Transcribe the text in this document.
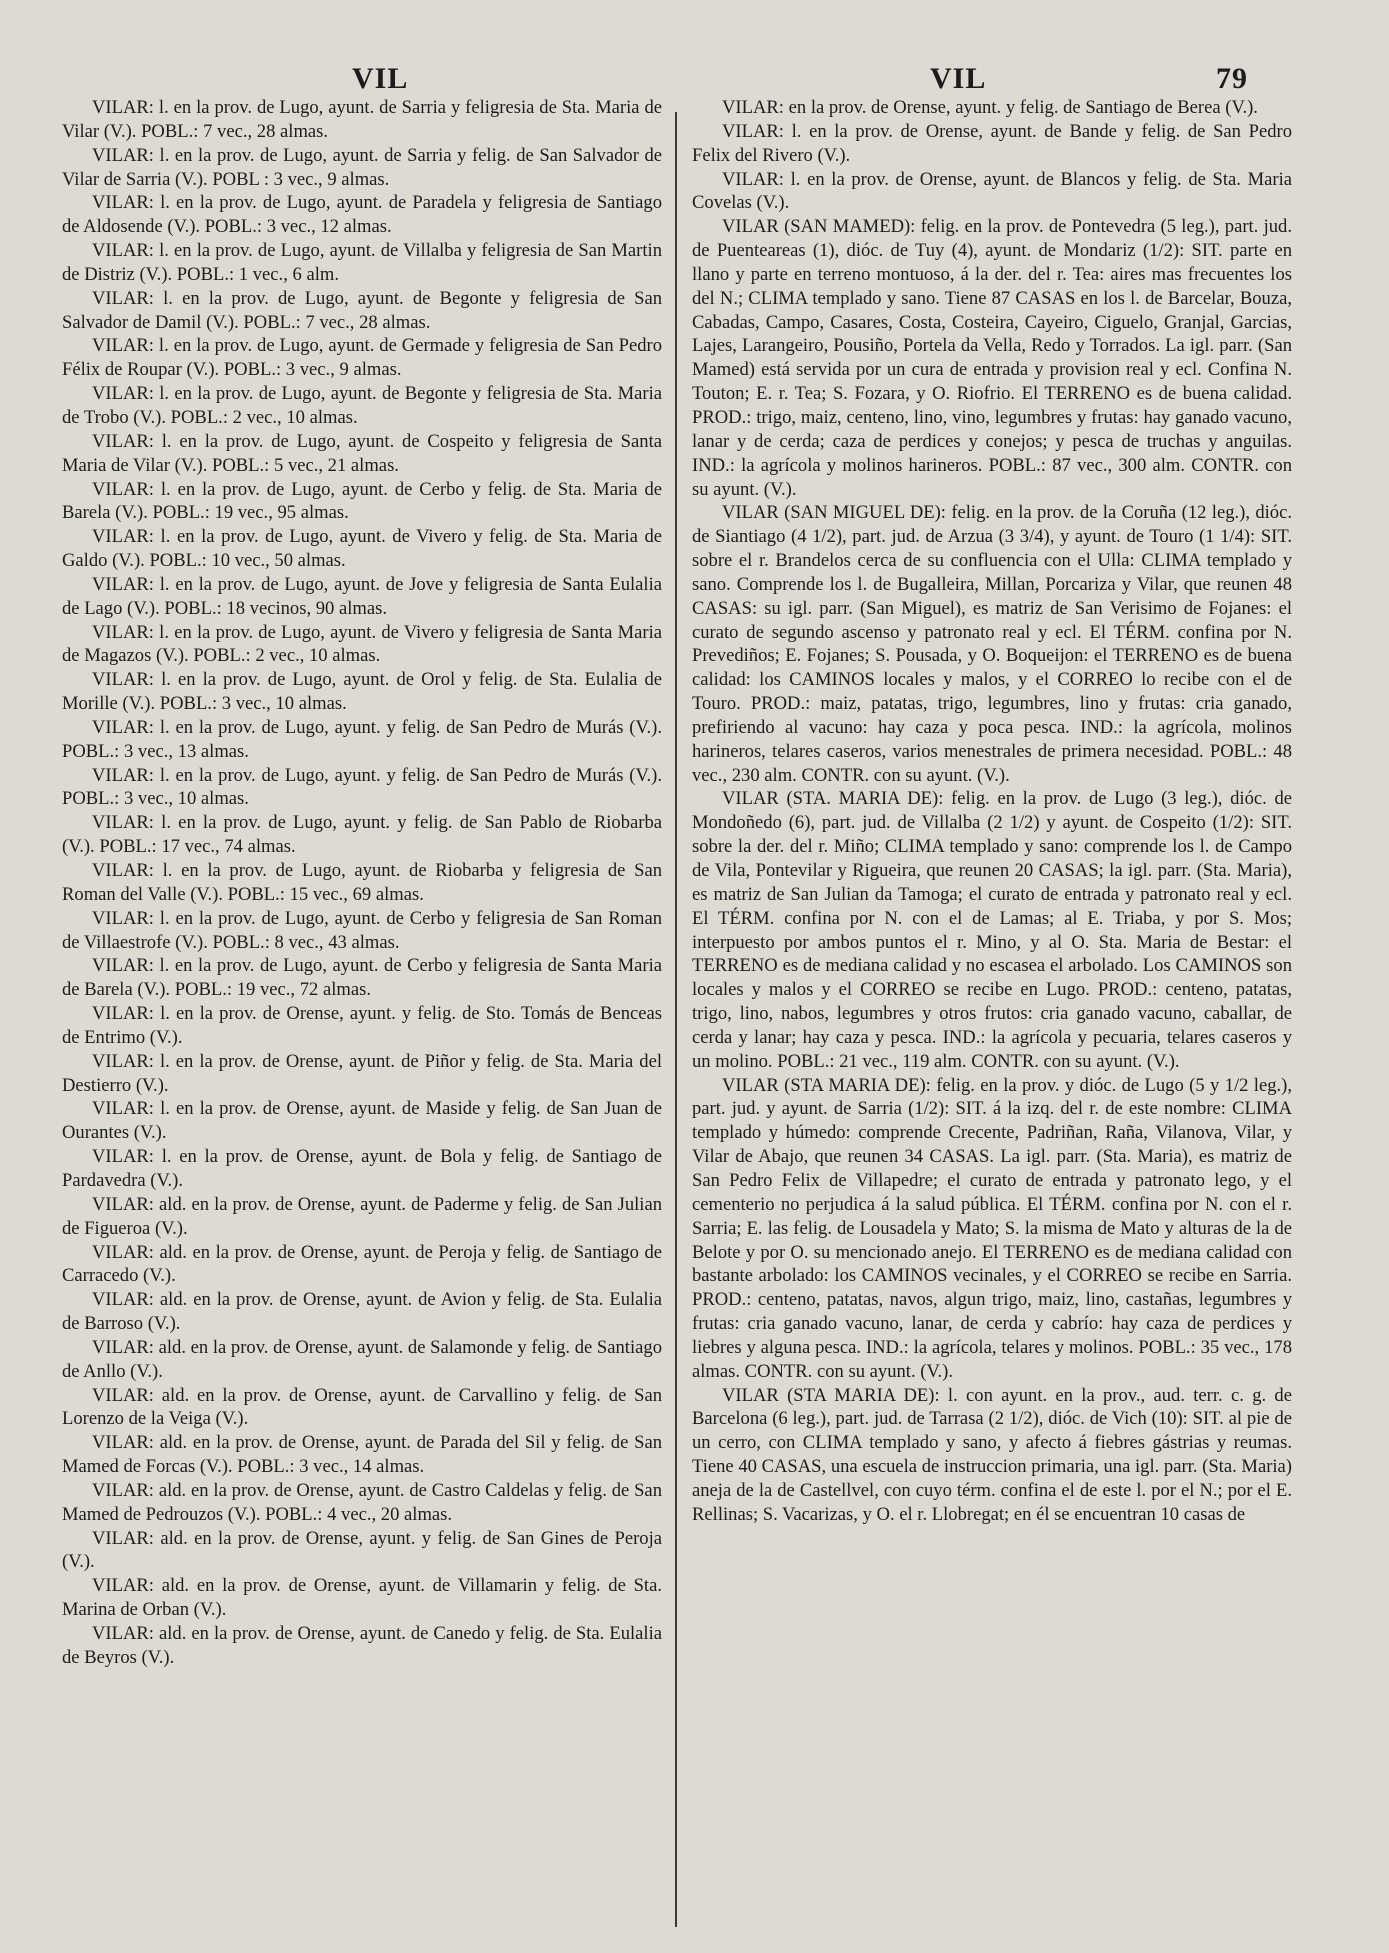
VIL	VIL	79

VILAR: l. en la prov. de Lugo, ayunt. de Sarria y feligresia de Sta. Maria de Vilar (V.). POBL.: 7 vec., 28 almas.

VILAR: l. en la prov. de Lugo, ayunt. de Sarria y felig. de San Salvador de Vilar de Sarria (V.). POBL : 3 vec., 9 almas.

VILAR: l. en la prov. de Lugo, ayunt. de Paradela y feligresia de Santiago de Aldosende (V.). POBL.: 3 vec., 12 almas.

VILAR: l. en la prov. de Lugo, ayunt. de Villalba y feligresia de San Martin de Distriz (V.). POBL.: 1 vec., 6 alm.

VILAR: l. en la prov. de Lugo, ayunt. de Begonte y feligresia de San Salvador de Damil (V.). POBL.: 7 vec., 28 almas.

VILAR: l. en la prov. de Lugo, ayunt. de Germade y feligresia de San Pedro Félix de Roupar (V.). POBL.: 3 vec., 9 almas.

VILAR: l. en la prov. de Lugo, ayunt. de Begonte y feligresia de Sta. Maria de Trobo (V.). POBL.: 2 vec., 10 almas.

VILAR: l. en la prov. de Lugo, ayunt. de Cospeito y feligresia de Santa Maria de Vilar (V.). POBL.: 5 vec., 21 almas.

VILAR: l. en la prov. de Lugo, ayunt. de Cerbo y felig. de Sta. Maria de Barela (V.). POBL.: 19 vec., 95 almas.

VILAR: l. en la prov. de Lugo, ayunt. de Vivero y felig. de Sta. Maria de Galdo (V.). POBL.: 10 vec., 50 almas.

VILAR: l. en la prov. de Lugo, ayunt. de Jove y feligresia de Santa Eulalia de Lago (V.). POBL.: 18 vecinos, 90 almas.

VILAR: l. en la prov. de Lugo, ayunt. de Vivero y feligresia de Santa Maria de Magazos (V.). POBL.: 2 vec., 10 almas.

VILAR: l. en la prov. de Lugo, ayunt. de Orol y felig. de Sta. Eulalia de Morille (V.). POBL.: 3 vec., 10 almas.

VILAR: l. en la prov. de Lugo, ayunt. y felig. de San Pedro de Murás (V.). POBL.: 3 vec., 13 almas.

VILAR: l. en la prov. de Lugo, ayunt. y felig. de San Pedro de Murás (V.). POBL.: 3 vec., 10 almas.

VILAR: l. en la prov. de Lugo, ayunt. y felig. de San Pablo de Riobarba (V.). POBL.: 17 vec., 74 almas.

VILAR: l. en la prov. de Lugo, ayunt. de Riobarba y feligresia de San Roman del Valle (V.). POBL.: 15 vec., 69 almas.

VILAR: l. en la prov. de Lugo, ayunt. de Cerbo y feligresia de San Roman de Villaestrofe (V.). POBL.: 8 vec., 43 almas.

VILAR: l. en la prov. de Lugo, ayunt. de Cerbo y feligresia de Santa Maria de Barela (V.). POBL.: 19 vec., 72 almas.

VILAR: l. en la prov. de Orense, ayunt. y felig. de Sto. Tomás de Benceas de Entrimo (V.).

VILAR: l. en la prov. de Orense, ayunt. de Piñor y felig. de Sta. Maria del Destierro (V.).

VILAR: l. en la prov. de Orense, ayunt. de Maside y felig. de San Juan de Ourantes (V.).

VILAR: l. en la prov. de Orense, ayunt. de Bola y felig. de Santiago de Pardavedra (V.).

VILAR: ald. en la prov. de Orense, ayunt. de Paderme y felig. de San Julian de Figueroa (V.).

VILAR: ald. en la prov. de Orense, ayunt. de Peroja y felig. de Santiago de Carracedo (V.).

VILAR: ald. en la prov. de Orense, ayunt. de Avion y felig. de Sta. Eulalia de Barroso (V.).

VILAR: ald. en la prov. de Orense, ayunt. de Salamonde y felig. de Santiago de Anllo (V.).

VILAR: ald. en la prov. de Orense, ayunt. de Carvallino y felig. de San Lorenzo de la Veiga (V.).

VILAR: ald. en la prov. de Orense, ayunt. de Parada del Sil y felig. de San Mamed de Forcas (V.). POBL.: 3 vec., 14 almas.

VILAR: ald. en la prov. de Orense, ayunt. de Castro Caldelas y felig. de San Mamed de Pedrouzos (V.). POBL.: 4 vec., 20 almas.

VILAR: ald. en la prov. de Orense, ayunt. y felig. de San Gines de Peroja (V.).

VILAR: ald. en la prov. de Orense, ayunt. de Villamarin y felig. de Sta. Marina de Orban (V.).

VILAR: ald. en la prov. de Orense, ayunt. de Canedo y felig. de Sta. Eulalia de Beyros (V.).

VILAR: en la prov. de Orense, ayunt. y felig. de Santiago de Berea (V.).

VILAR: l. en la prov. de Orense, ayunt. de Bande y felig. de San Pedro Felix del Rivero (V.).

VILAR: l. en la prov. de Orense, ayunt. de Blancos y felig. de Sta. Maria Covelas (V.).

VILAR (SAN MAMED): felig. en la prov. de Pontevedra (5 leg.), part. jud. de Puenteareas (1), dióc. de Tuy (4), ayunt. de Mondariz (1/2): SIT. parte en llano y parte en terreno montuoso, á la der. del r. Tea: aires mas frecuentes los del N.; CLIMA templado y sano. Tiene 87 CASAS en los l. de Barcelar, Bouza, Cabadas, Campo, Casares, Costa, Costeira, Cayeiro, Ciguelo, Granjal, Garcias, Lajes, Larangeiro, Pousiño, Portela da Vella, Redo y Torrados. La igl. parr. (San Mamed) está servida por un cura de entrada y provision real y ecl. Confina N. Touton; E. r. Tea; S. Fozara, y O. Riofrio. El TERRENO es de buena calidad. PROD.: trigo, maiz, centeno, lino, vino, legumbres y frutas: hay ganado vacuno, lanar y de cerda; caza de perdices y conejos; y pesca de truchas y anguilas. IND.: la agrícola y molinos harineros. POBL.: 87 vec., 300 alm. CONTR. con su ayunt. (V.).

VILAR (SAN MIGUEL DE): felig. en la prov. de la Coruña (12 leg.), dióc. de Siantiago (4 1/2), part. jud. de Arzua (3 3/4), y ayunt. de Touro (1 1/4): SIT. sobre el r. Brandelos cerca de su confluencia con el Ulla: CLIMA templado y sano. Comprende los l. de Bugalleira, Millan, Porcariza y Vilar, que reunen 48 CASAS: su igl. parr. (San Miguel), es matriz de San Verisimo de Fojanes: el curato de segundo ascenso y patronato real y ecl. El TÉRM. confina por N. Prevediños; E. Fojanes; S. Pousada, y O. Boqueijon: el TERRENO es de buena calidad: los CAMINOS locales y malos, y el CORREO lo recibe con el de Touro. PROD.: maiz, patatas, trigo, legumbres, lino y frutas: cria ganado, prefiriendo al vacuno: hay caza y poca pesca. IND.: la agrícola, molinos harineros, telares caseros, varios menestrales de primera necesidad. POBL.: 48 vec., 230 alm. CONTR. con su ayunt. (V.).

VILAR (STA. MARIA DE): felig. en la prov. de Lugo (3 leg.), dióc. de Mondoñedo (6), part. jud. de Villalba (2 1/2) y ayunt. de Cospeito (1/2): SIT. sobre la der. del r. Miño; CLIMA templado y sano: comprende los l. de Campo de Vila, Pontevilar y Rigueira, que reunen 20 CASAS; la igl. parr. (Sta. Maria), es matriz de San Julian da Tamoga; el curato de entrada y patronato real y ecl. El TÉRM. confina por N. con el de Lamas; al E. Triaba, y por S. Mos; interpuesto por ambos puntos el r. Mino, y al O. Sta. Maria de Bestar: el TERRENO es de mediana calidad y no escasea el arbolado. Los CAMINOS son locales y malos y el CORREO se recibe en Lugo. PROD.: centeno, patatas, trigo, lino, nabos, legumbres y otros frutos: cria ganado vacuno, caballar, de cerda y lanar; hay caza y pesca. IND.: la agrícola y pecuaria, telares caseros y un molino. POBL.: 21 vec., 119 alm. CONTR. con su ayunt. (V.).

VILAR (STA MARIA DE): felig. en la prov. y dióc. de Lugo (5 y 1/2 leg.), part. jud. y ayunt. de Sarria (1/2): SIT. á la izq. del r. de este nombre: CLIMA templado y húmedo: comprende Crecente, Padriñan, Raña, Vilanova, Vilar, y Vilar de Abajo, que reunen 34 CASAS. La igl. parr. (Sta. Maria), es matriz de San Pedro Felix de Villapedre; el curato de entrada y patronato lego, y el cementerio no perjudica á la salud pública. El TÉRM. confina por N. con el r. Sarria; E. las felig. de Lousadela y Mato; S. la misma de Mato y alturas de la de Belote y por O. su mencionado anejo. El TERRENO es de mediana calidad con bastante arbolado: los CAMINOS vecinales, y el CORREO se recibe en Sarria. PROD.: centeno, patatas, navos, algun trigo, maiz, lino, castañas, legumbres y frutas: cria ganado vacuno, lanar, de cerda y cabrío: hay caza de perdices y liebres y alguna pesca. IND.: la agrícola, telares y molinos. POBL.: 35 vec., 178 almas. CONTR. con su ayunt. (V.).

VILAR (STA MARIA DE): l. con ayunt. en la prov., aud. terr. c. g. de Barcelona (6 leg.), part. jud. de Tarrasa (2 1/2), dióc. de Vich (10): SIT. al pie de un cerro, con CLIMA templado y sano, y afecto á fiebres gástrias y reumas. Tiene 40 CASAS, una escuela de instruccion primaria, una igl. parr. (Sta. Maria) aneja de la de Castellvel, con cuyo térm. confina el de este l. por el N.; por el E. Rellinas; S. Vacarizas, y O. el r. Llobregat; en él se encuentran 10 casas de
